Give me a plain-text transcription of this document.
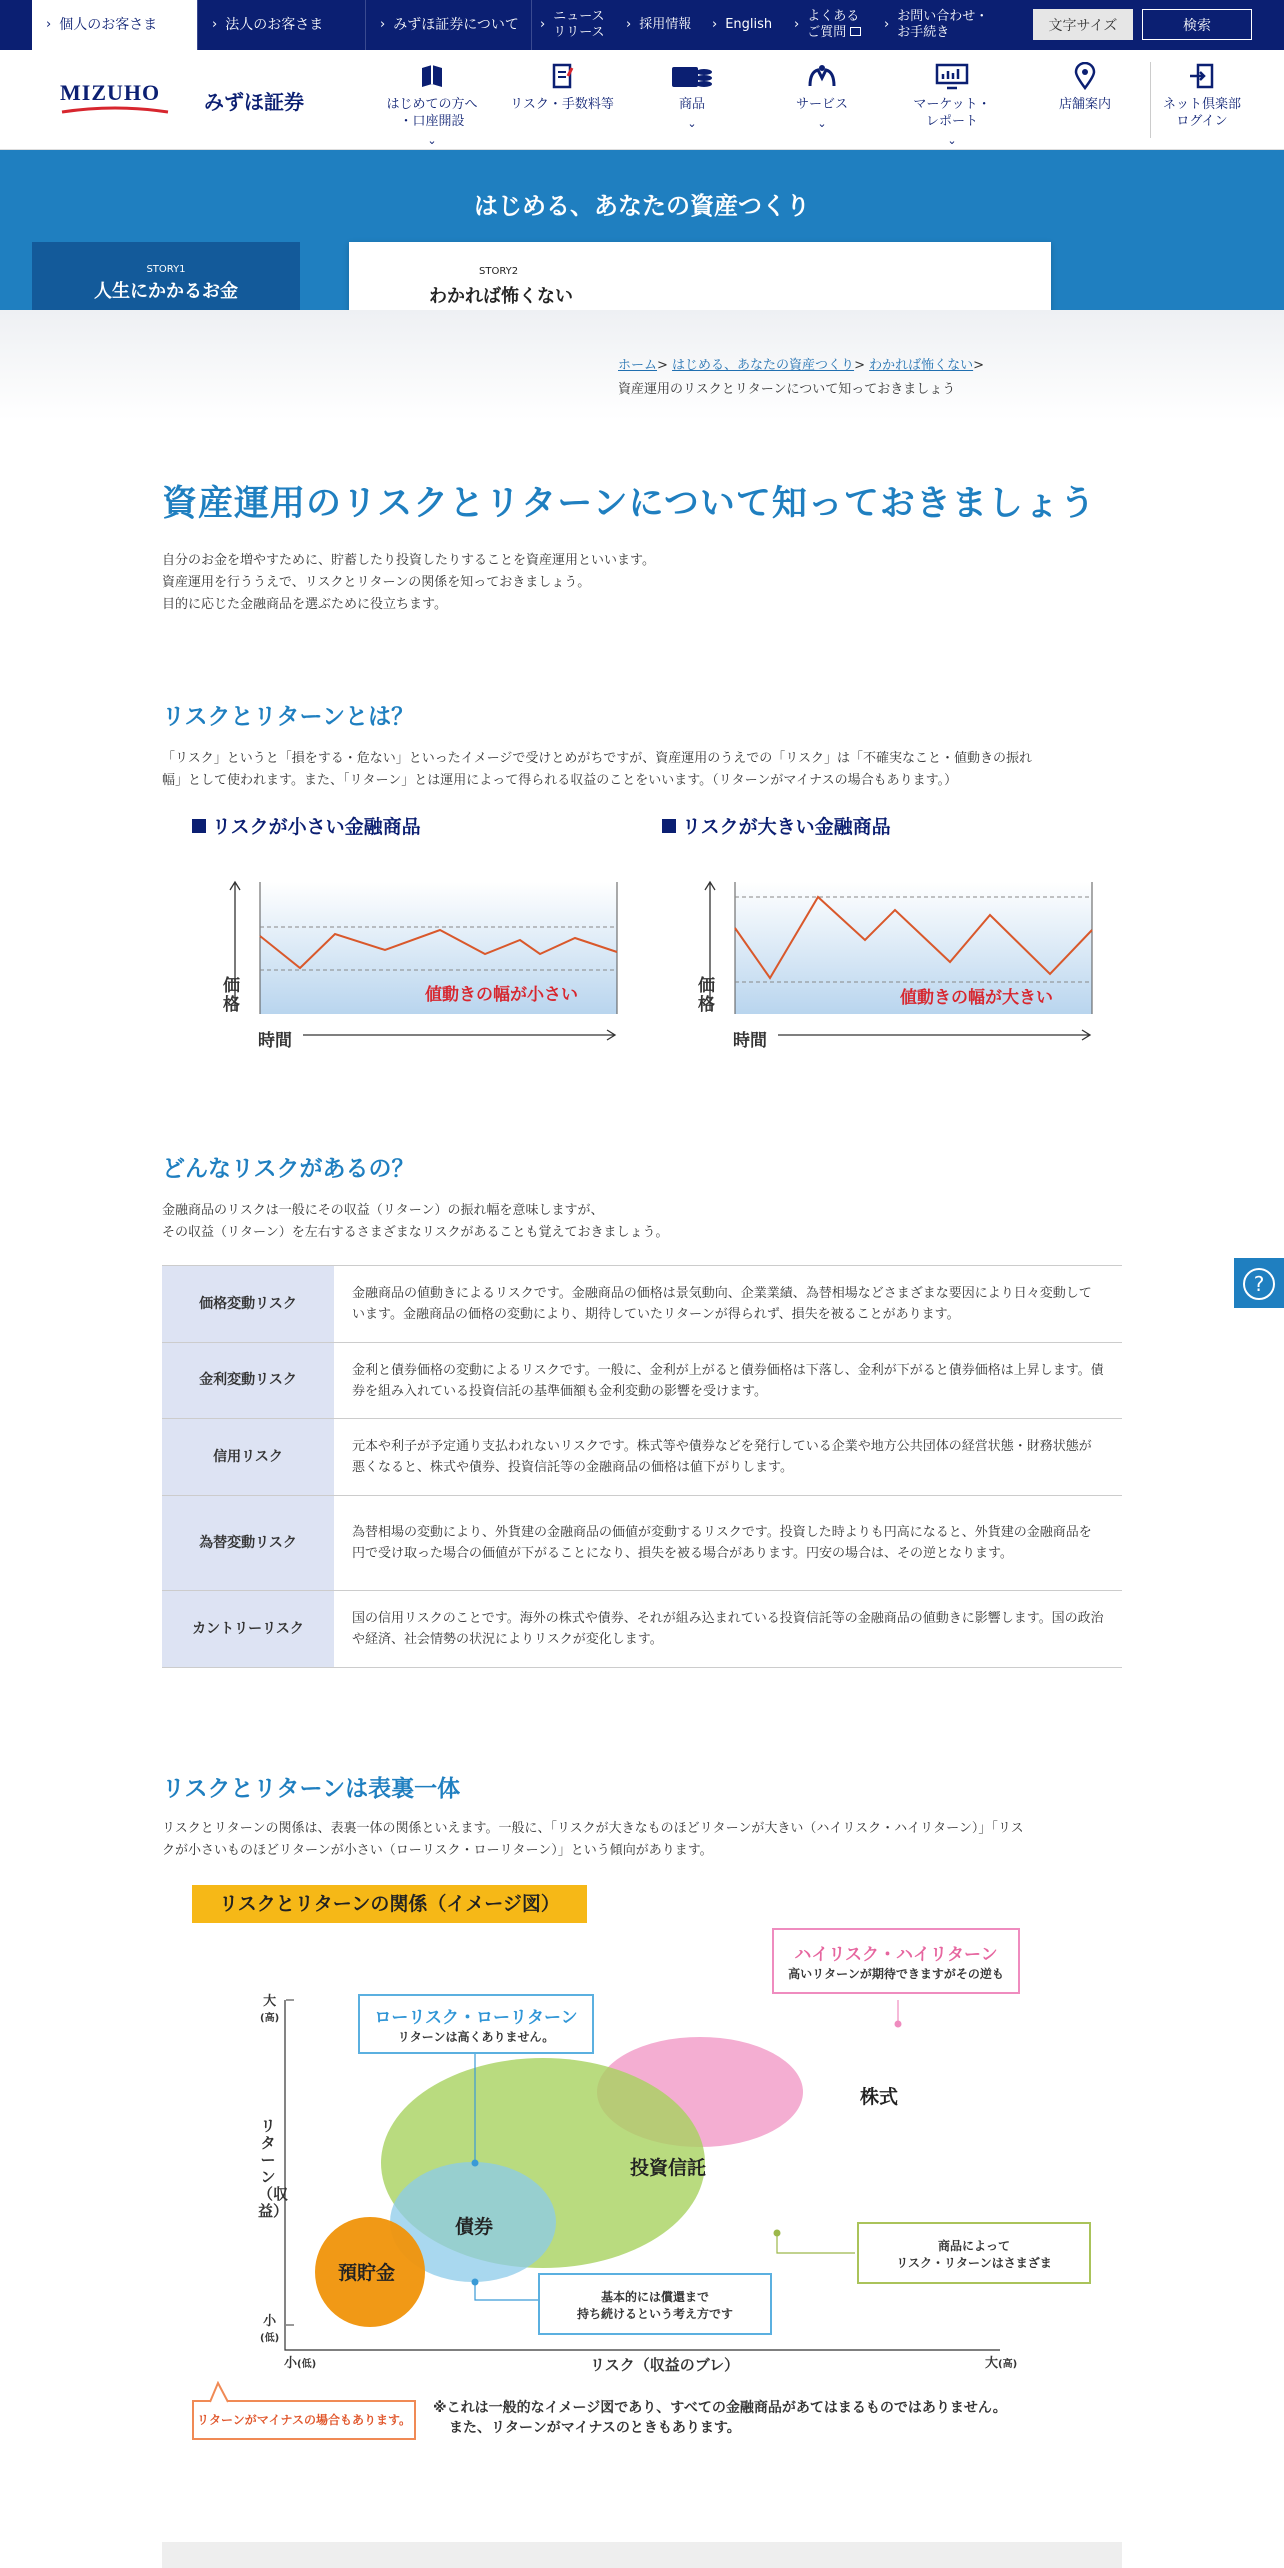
› 個人のお客さま	› 法人のお客さま	› みずほ証券について ›
ニュース
リリース
› 採用情報 › English ›
よくある
ご質問
›
お問い合わせ・
お手続き	文字サイズ	検索
MIZUHO	みずほ証券	はじめての方へ
・口座開設
⌄
リスク・手数料等	商品
⌄
サービス
⌄
マーケット・
レポート
⌄
店舗案内	ネット倶楽部
ログイン
はじめる、あなたの資産つくり
STORY1
人生にかかるお金
STORY2
わかれば怖くない
ホーム> はじめる、あなたの資産つくり> わかれば怖くない>
資産運用のリスクとリターンについて知っておきましょう
資産運用のリスクとリターンについて知っておきましょう
自分のお金を増やすために、貯蓄したり投資したりすることを資産運用といいます。
資産運用を行ううえで、リスクとリターンの関係を知っておきましょう。
目的に応じた金融商品を選ぶために役立ちます。
リスクとリターンとは？
「リスク」というと「損をする・危ない」といったイメージで受けとめがちですが、資産運用のうえでの「リスク」は「不確実なこと・値動きの振れ
幅」として使われます。また、「リターン」とは運用によって得られる収益のことをいいます。（リターンがマイナスの場合もあります。）
リスクが小さい金融商品	リスクが大きい金融商品
価格
時間
値動きの幅が小さい	価格
時間
値動きの幅が大きい
どんなリスクがあるの？
金融商品のリスクは一般にその収益（リターン）の振れ幅を意味しますが、
その収益（リターン）を左右するさまざまなリスクがあることも覚えておきましょう。
価格変動リスク	金融商品の値動きによるリスクです。金融商品の価格は景気動向、企業業績、為替相場などさまざまな要因により日々変動しています。金融商品の価格の変動により、期待していたリターンが得られず、損失を被ることがあります。
金利変動リスク	金利と債券価格の変動によるリスクです。一般に、金利が上がると債券価格は下落し、金利が下がると債券価格は上昇します。債券を組み入れている投資信託の基準価額も金利変動の影響を受けます。
信用リスク	元本や利子が予定通り支払われないリスクです。株式等や債券などを発行している企業や地方公共団体の経営状態・財務状態が悪くなると、株式や債券、投資信託等の金融商品の価格は値下がりします。
為替変動リスク	為替相場の変動により、外貨建の金融商品の価値が変動するリスクです。投資した時よりも円高になると、外貨建の金融商品を円で受け取った場合の価値が下がることになり、損失を被る場合があります。円安の場合は、その逆となります。
カントリーリスク	国の信用リスクのことです。海外の株式や債券、それが組み込まれている投資信託等の金融商品の値動きに影響します。国の政治や経済、社会情勢の状況によりリスクが変化します。
リスクとリターンは表裏一体
リスクとリターンの関係は、表裏一体の関係といえます。一般に、「リスクが大きなものほどリターンが大きい（ハイリスク・ハイリターン）」「リス
クが小さいものほどリターンが小さい（ローリスク・ローリターン）」という傾向があります。
リスクとリターンの関係（イメージ図）
大
(高)
小
(低)
リターン（収益）
小(低)	リスク（収益のブレ）	大(高)
預貯金
債券
投資信託
株式
ローリスク・ローリターン
リターンは高くありません。
ハイリスク・ハイリターン
高いリターンが期待できますがその逆も
基本的には償還まで
持ち続けるという考え方です
商品によって
リスク・リターンはさまざま
リターンがマイナスの場合もあります。
※これは一般的なイメージ図であり、すべての金融商品があてはまるものではありません。
また、リターンがマイナスのときもあります。
?
